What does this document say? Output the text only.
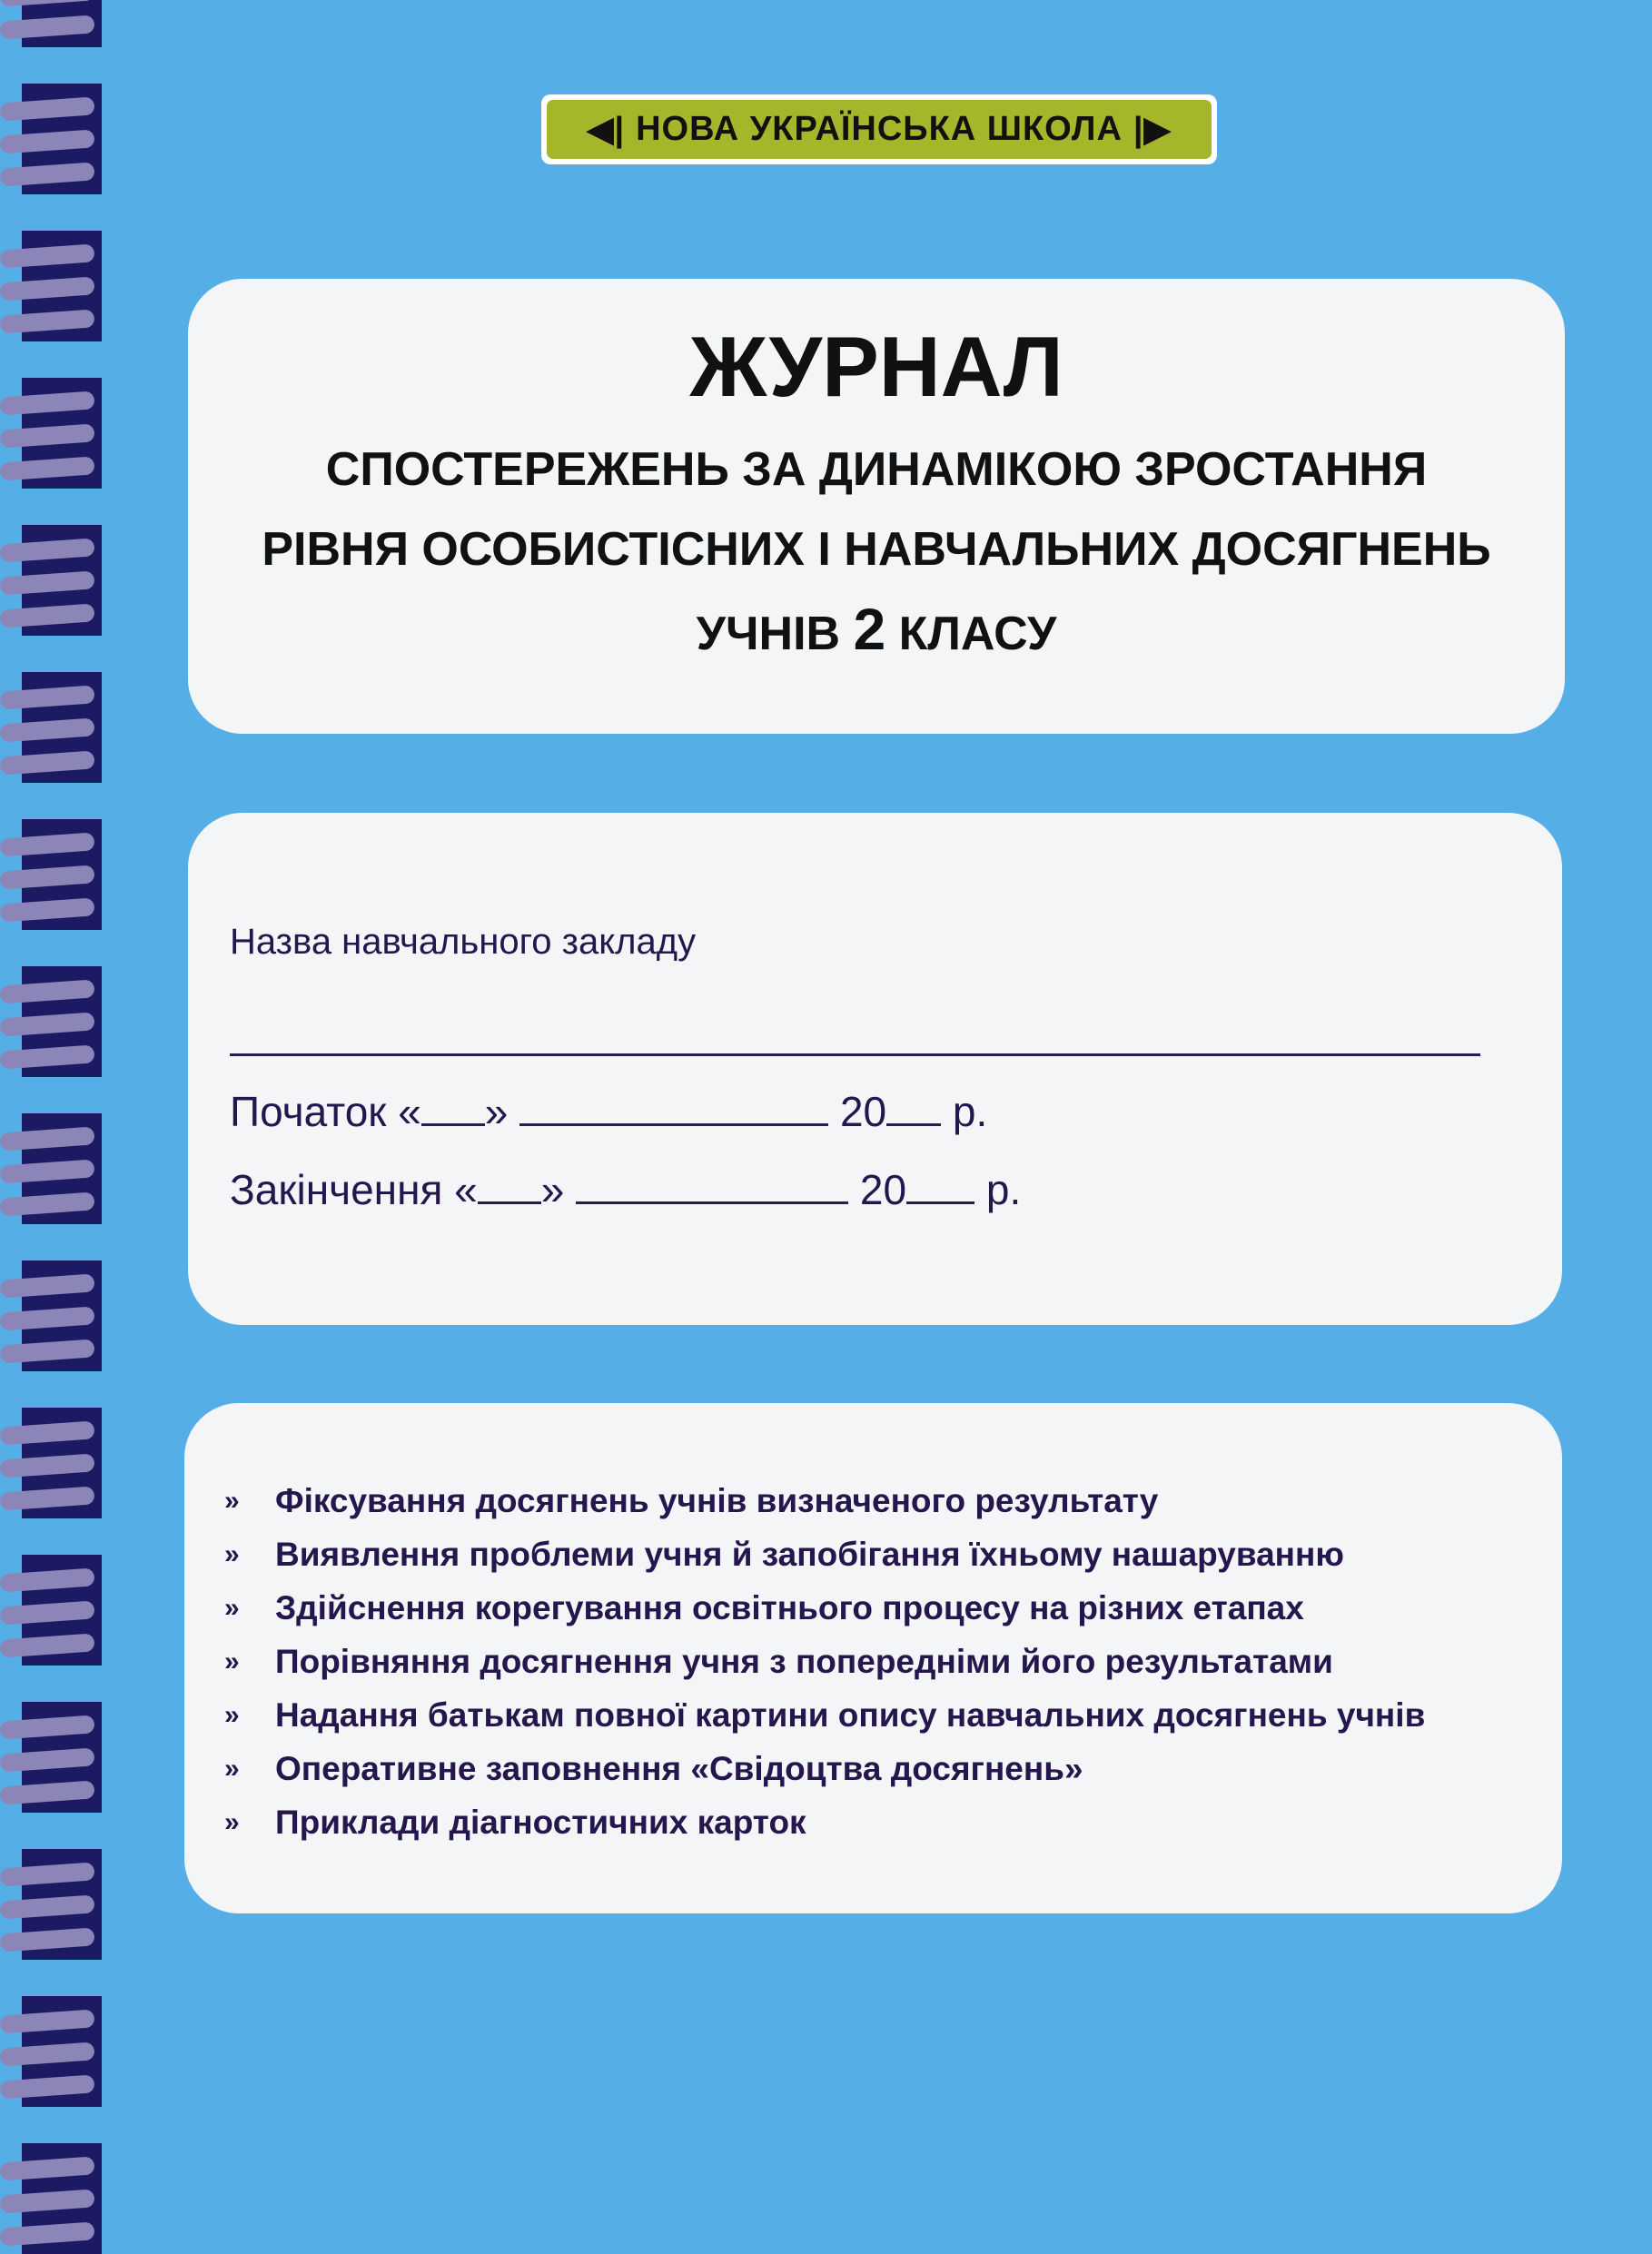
◀| НОВА УКРАЇНСЬКА ШКОЛА |▶
ЖУРНАЛ
СПОСТЕРЕЖЕНЬ ЗА ДИНАМІКОЮ ЗРОСТАННЯ
РІВНЯ ОСОБИСТІСНИХ І НАВЧАЛЬНИХ ДОСЯГНЕНЬ
УЧНІВ 2 КЛАСУ
Назва навчального закладу
Початок « »	20 р.
Закінчення « »	20 р.
»	Фіксування досягнень учнів визначеного результату
»	Виявлення проблеми учня й запобігання їхньому нашаруванню
»	Здійснення корегування освітнього процесу на різних етапах
»	Порівняння досягнення учня з попередніми його результатами
»	Надання батькам повної картини опису навчальних досягнень учнів
»	Оперативне заповнення «Свідоцтва досягнень»
»	Приклади діагностичних карток
